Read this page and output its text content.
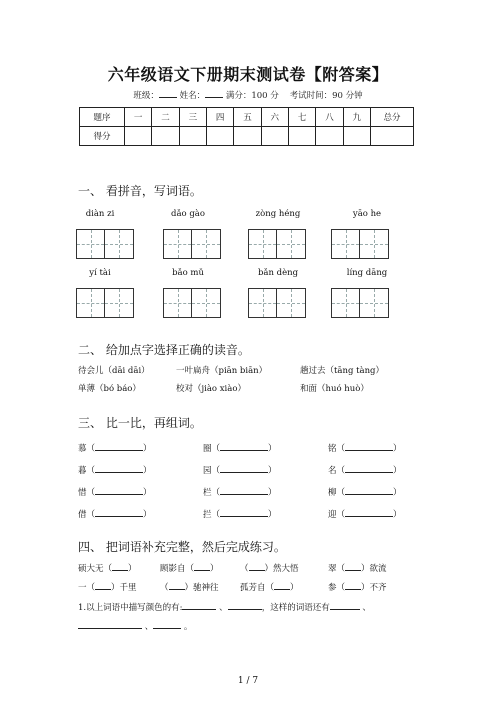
六年级语文下册期末测试卷【附答案】
班级： 姓名： 满分：100 分 考试时间：90 分钟
题序	一	二	三	四	五	六	七	八	九	总分
得分										
一、 看拼音，写词语。
diàn zi	dǎo gào	zòng héng	yāo he
yí tài	bǎo mǔ	bǎn dèng	líng dāng
二、 给加点字选择正确的读音。
待会儿（dāi dāi）	一叶扁舟（piān biān）	趟过去（tāng tàng）
单薄（bó báo）	校对（jiào xiào）	和面（huó huò）
三、 比一比，再组词。
慕（	）	圈（	）	铭（	）
暮（	）	园（	）	名（	）
惜（	）	栏（	）	柳（	）
借（	）	拦（	）	迎（	）
四、 把词语补充完整，然后完成练习。
硕大无（ ）	顾影自（ ）	（ ）然大悟	翠（ ）欲流
一（ ）千里	（ ）驰神往	孤芳自（ ）	参（ ）不齐
1.以上词语中描写颜色的有:	、	，这样的词语还有	、
、	。
1 / 7
